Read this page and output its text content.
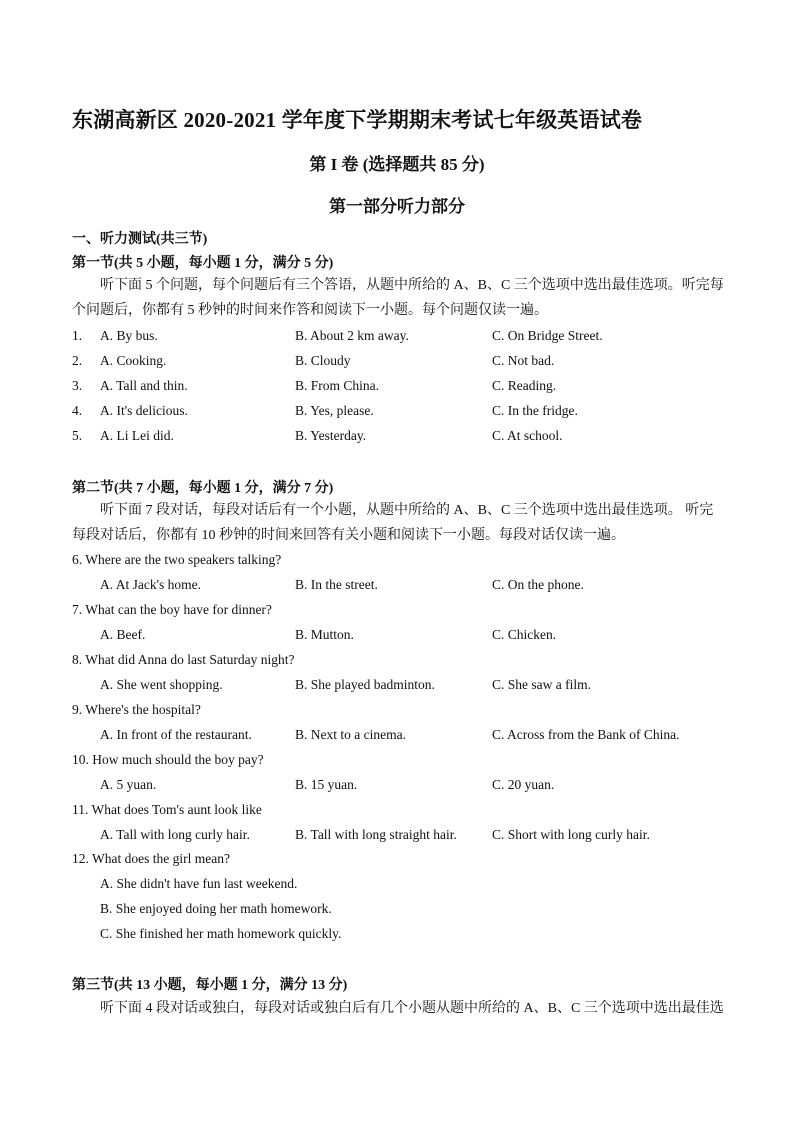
东湖高新区 2020-2021 学年度下学期期末考试七年级英语试卷
第 I 卷 (选择题共 85 分)
第一部分听力部分
一、听力测试(共三节)
第一节(共 5 小题，每小题 1 分，满分 5 分)
听下面 5 个问题，每个问题后有三个答语，从题中所给的 A、B、C 三个选项中选出最佳选项。听完每个问题后，你都有 5 秒钟的时间来作答和阅读下一小题。每个问题仅读一遍。
1. A. By bus.	B. About 2 km away.	C. On Bridge Street.
2. A. Cooking.	B. Cloudy	C. Not bad.
3. A. Tall and thin.	B. From China.	C. Reading.
4. A. It's delicious.	B. Yes, please.	C. In the fridge.
5. A. Li Lei did.	B. Yesterday.	C. At school.
第二节(共 7 小题，每小题 1 分，满分 7 分)
听下面 7 段对话，每段对话后有一个小题，从题中所给的 A、B、C 三个选项中选出最佳选项。 听完每段对话后，你都有 10 秒钟的时间来回答有关小题和阅读下一小题。每段对话仅读一遍。
6. Where are the two speakers talking?
A. At Jack's home.	B. In the street.	C. On the phone.
7. What can the boy have for dinner?
A. Beef.	B. Mutton.	C. Chicken.
8. What did Anna do last Saturday night?
A. She went shopping.	B. She played badminton.	C. She saw a film.
9. Where's the hospital?
A. In front of the restaurant.	B. Next to a cinema.	C. Across from the Bank of China.
10. How much should the boy pay?
A. 5 yuan.	B. 15 yuan.	C. 20 yuan.
11. What does Tom's aunt look like
A. Tall with long curly hair.	B. Tall with long straight hair.	C. Short with long curly hair.
12. What does the girl mean?
A. She didn't have fun last weekend.
B. She enjoyed doing her math homework.
C. She finished her math homework quickly.
第三节(共 13 小题，每小题 1 分，满分 13 分)
听下面 4 段对话或独白，每段对话或独白后有几个小题从题中所给的 A、B、C 三个选项中选出最佳选
